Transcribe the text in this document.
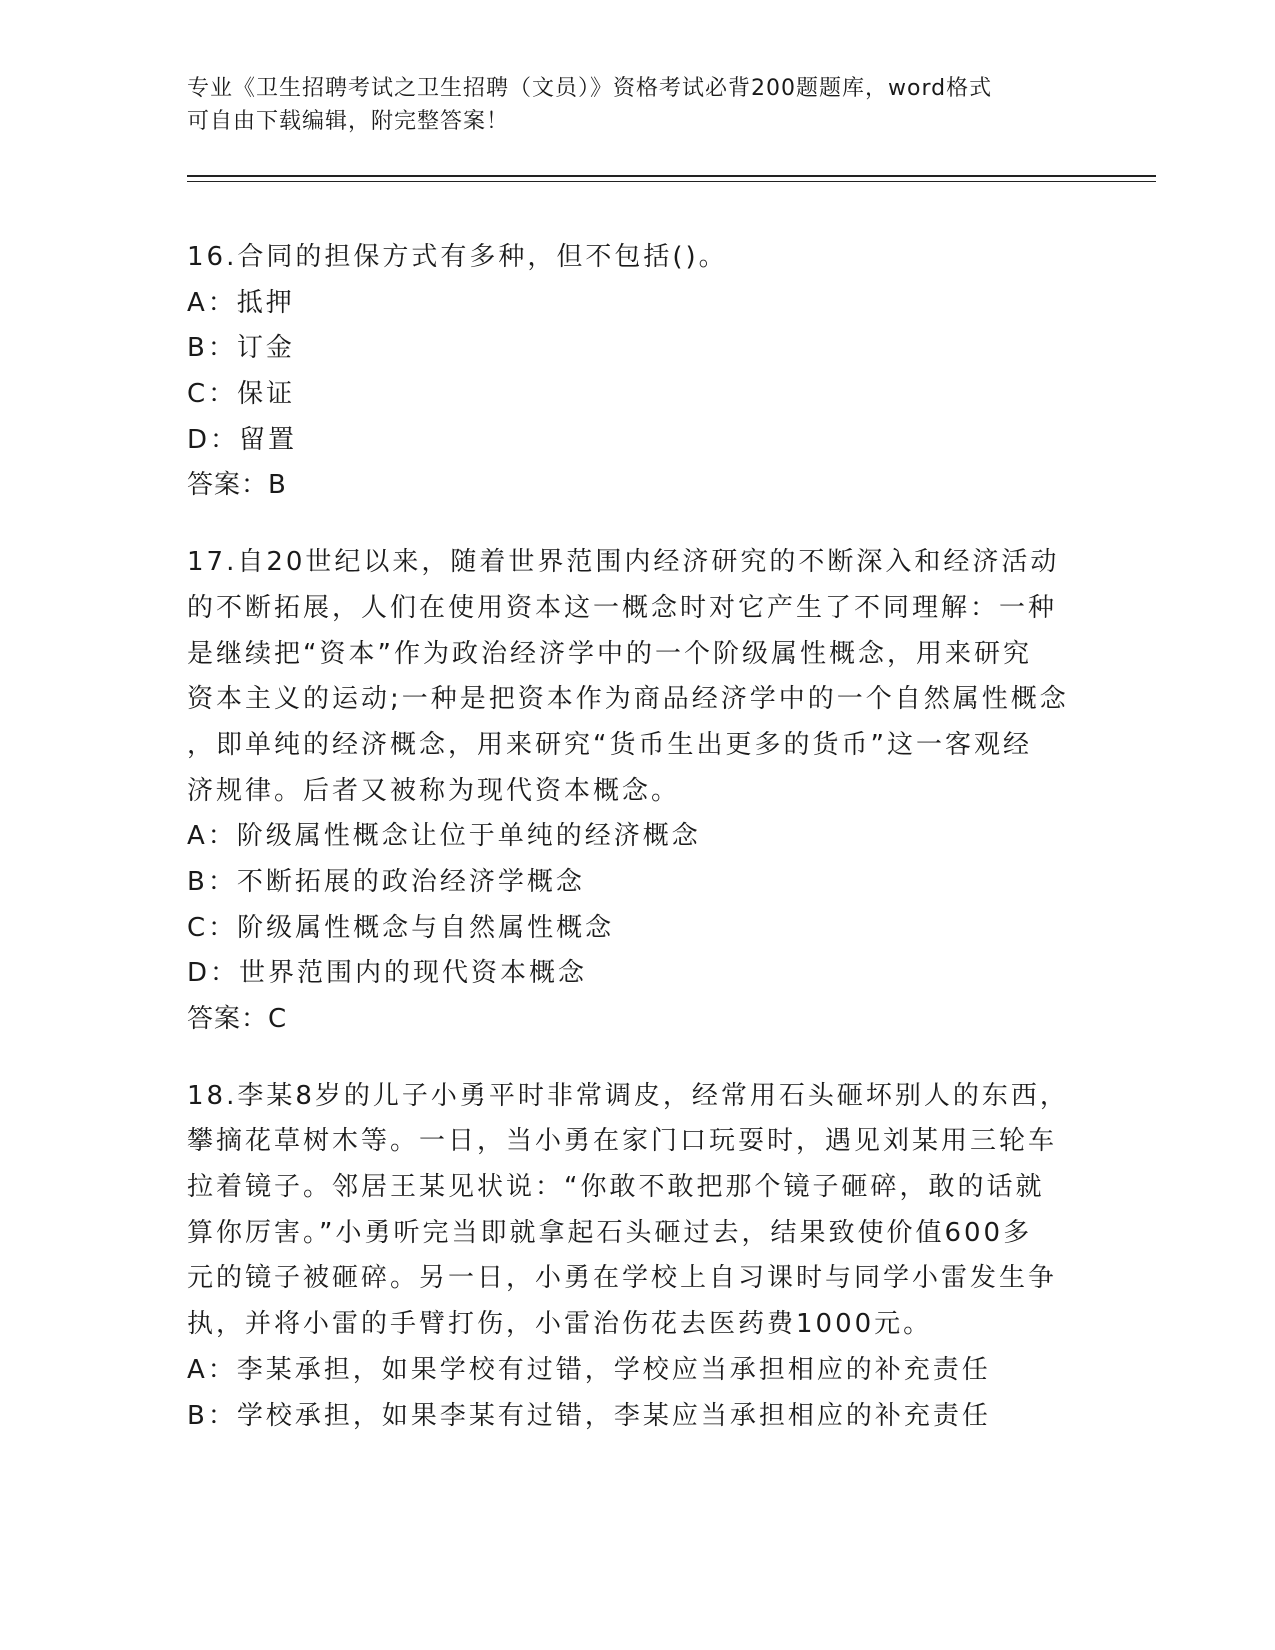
专业《卫生招聘考试之卫生招聘（文员）》资格考试必背200题题库，word格式
可自由下载编辑，附完整答案！
16.合同的担保方式有多种，但不包括()。
A：抵押
B：订金
C：保证
D：留置
答案：B
17.自20世纪以来，随着世界范围内经济研究的不断深入和经济活动
的不断拓展，人们在使用资本这一概念时对它产生了不同理解：一种
是继续把“资本”作为政治经济学中的一个阶级属性概念，用来研究
资本主义的运动;一种是把资本作为商品经济学中的一个自然属性概念
，即单纯的经济概念，用来研究“货币生出更多的货币”这一客观经
济规律。后者又被称为现代资本概念。
A：阶级属性概念让位于单纯的经济概念
B：不断拓展的政治经济学概念
C：阶级属性概念与自然属性概念
D：世界范围内的现代资本概念
答案：C
18.李某8岁的儿子小勇平时非常调皮，经常用石头砸坏别人的东西，
攀摘花草树木等。一日，当小勇在家门口玩耍时，遇见刘某用三轮车
拉着镜子。邻居王某见状说：“你敢不敢把那个镜子砸碎，敢的话就
算你厉害。”小勇听完当即就拿起石头砸过去，结果致使价值600多
元的镜子被砸碎。另一日，小勇在学校上自习课时与同学小雷发生争
执，并将小雷的手臂打伤，小雷治伤花去医药费1000元。
A：李某承担，如果学校有过错，学校应当承担相应的补充责任
B：学校承担，如果李某有过错，李某应当承担相应的补充责任
